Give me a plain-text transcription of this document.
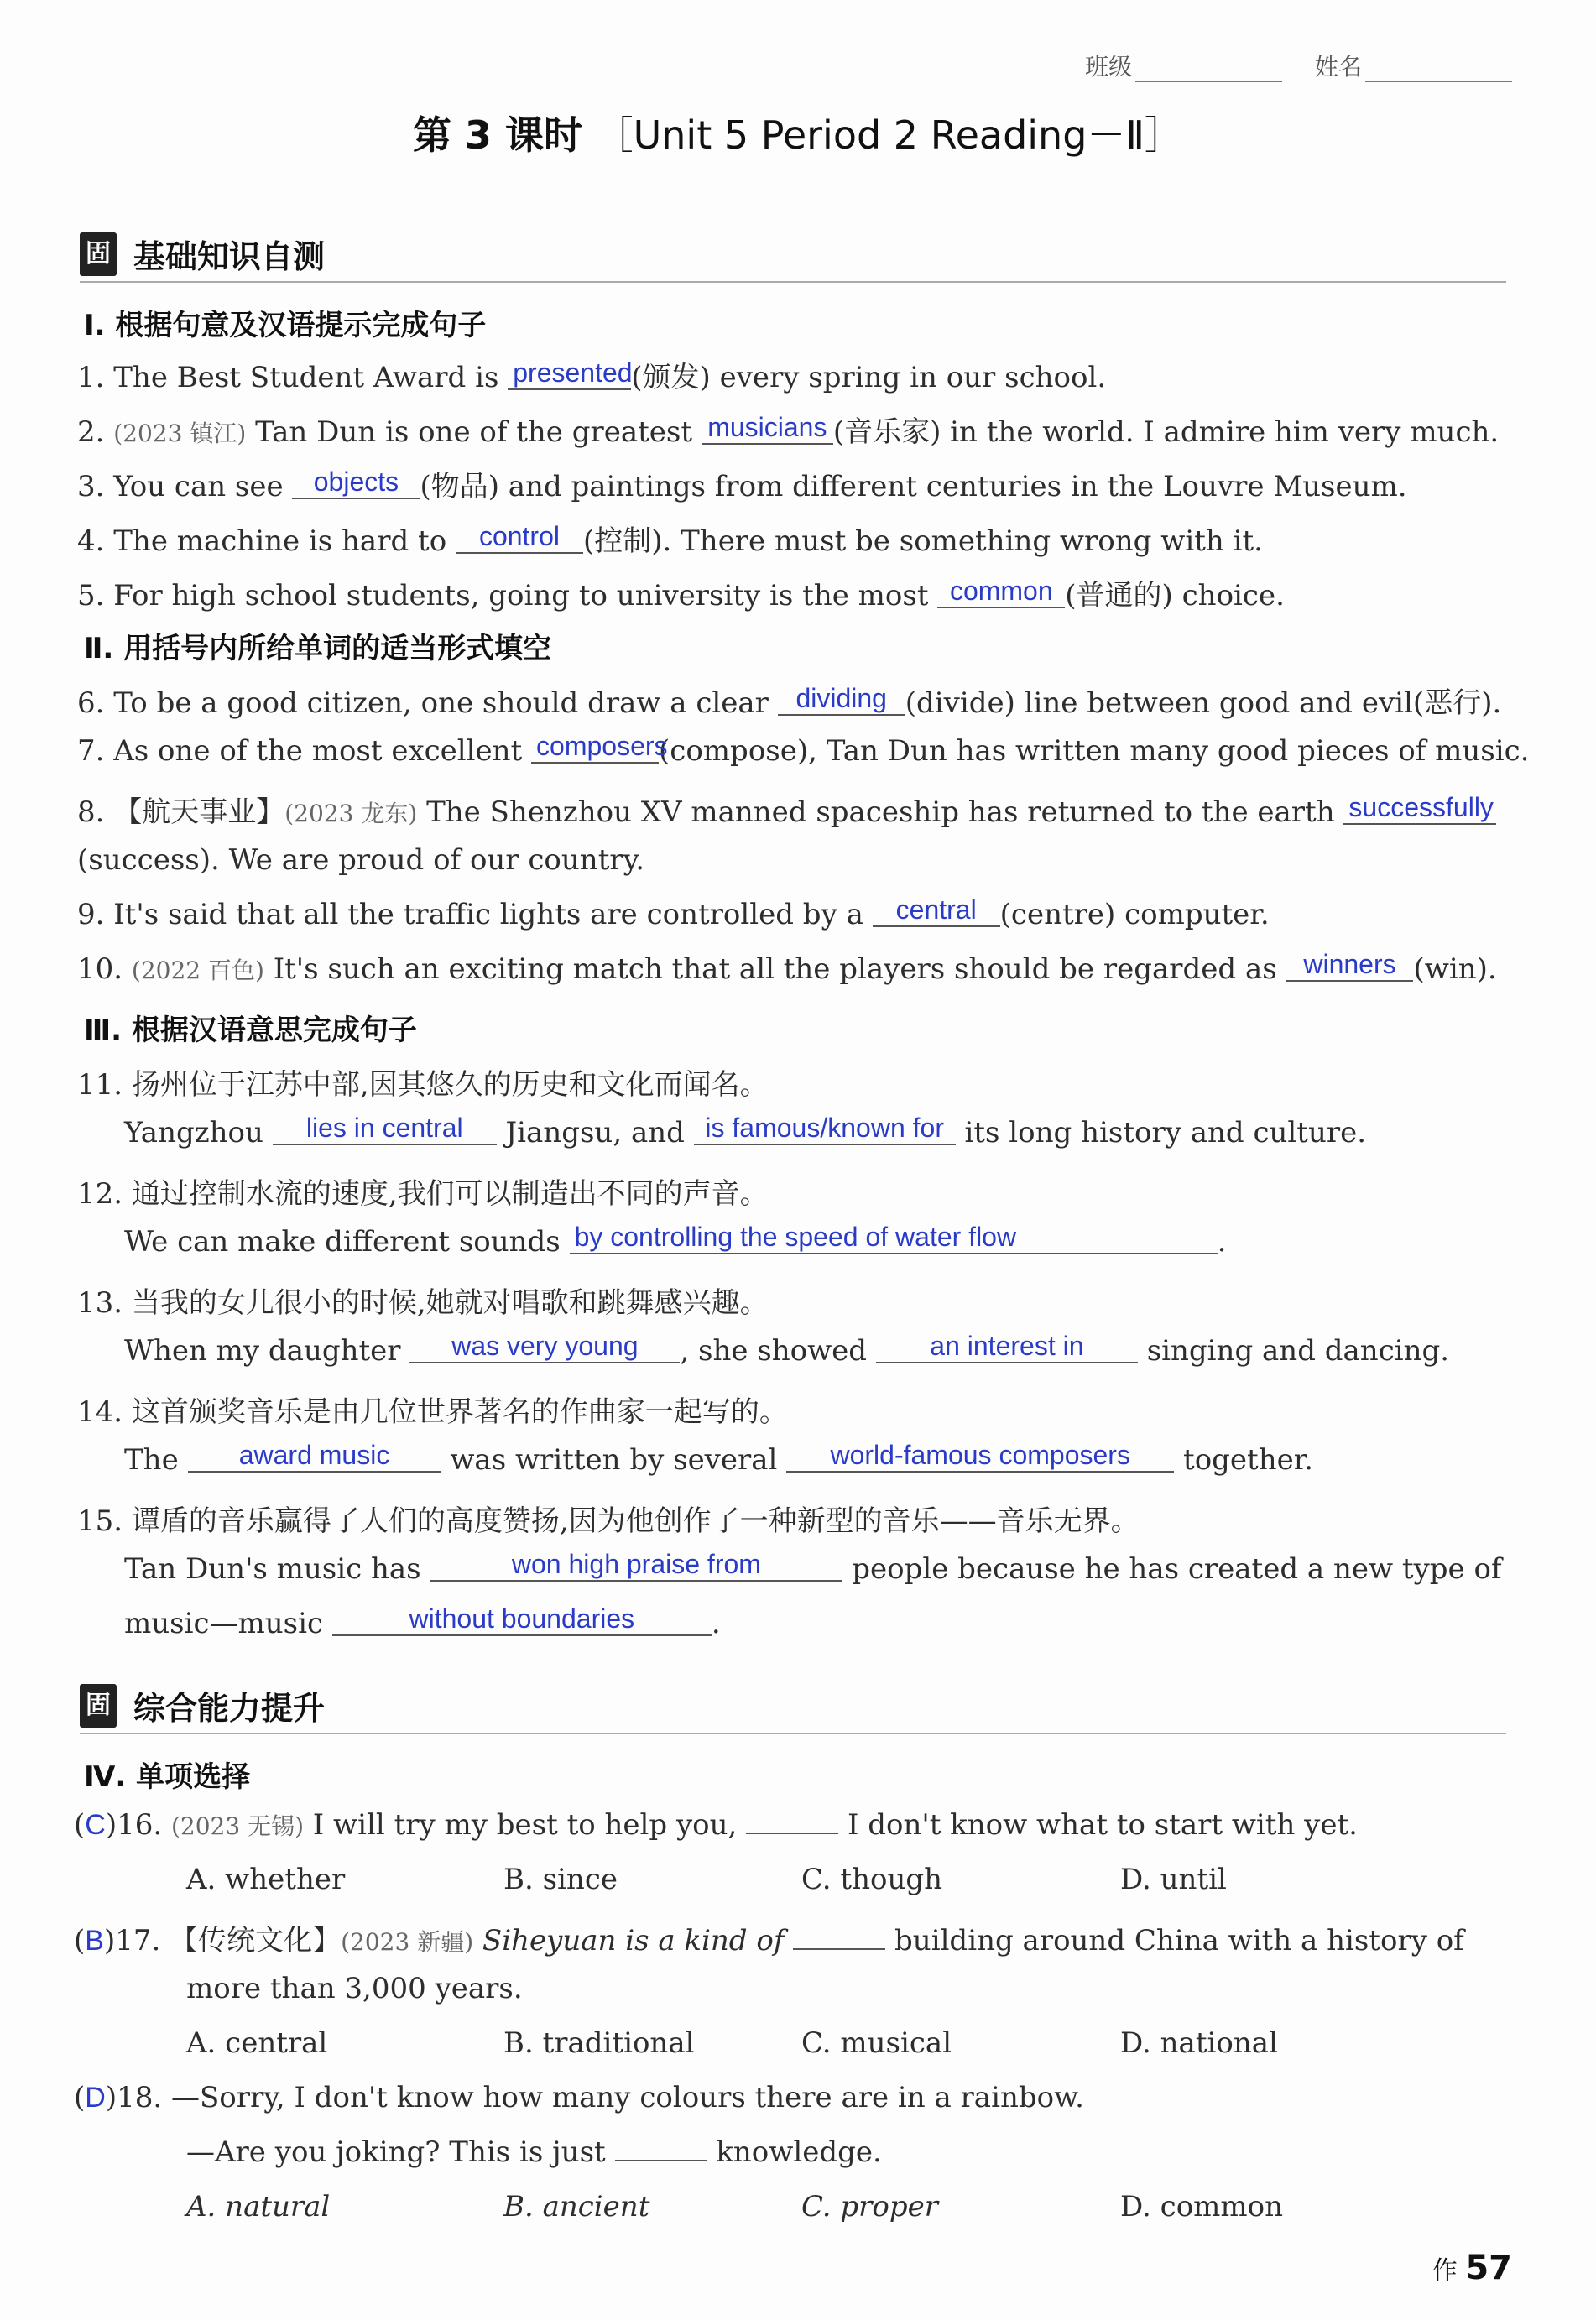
班级	姓名
第 3 课时 ［Unit 5 Period 2 Reading－Ⅱ］
固 基础知识自测
Ⅰ. 根据句意及汉语提示完成句子
1. The Best Student Award is presented(颁发) every spring in our school.
2. (2023 镇江) Tan Dun is one of the greatest musicians (音乐家) in the world. I admire him very much.
3. You can see objects (物品) and paintings from different centuries in the Louvre Museum.
4. The machine is hard to control (控制). There must be something wrong with it.
5. For high school students, going to university is the most common (普通的) choice.
Ⅱ. 用括号内所给单词的适当形式填空
6. To be a good citizen, one should draw a clear dividing (divide) line between good and evil(恶行).
7. As one of the most excellent composers(compose), Tan Dun has written many good pieces of music.
8. 【航天事业】(2023 龙东) The Shenzhou ⅩⅤ manned spaceship has returned to the earth successfully
(success). We are proud of our country.
9. It's said that all the traffic lights are controlled by a central (centre) computer.
10. (2022 百色) It's such an exciting match that all the players should be regarded as winners (win).
Ⅲ. 根据汉语意思完成句子
11. 扬州位于江苏中部,因其悠久的历史和文化而闻名。
Yangzhou lies in central Jiangsu, and is famous/known for its long history and culture.
12. 通过控制水流的速度,我们可以制造出不同的声音。
We can make different sounds by controlling the speed of water flow	.
13. 当我的女儿很小的时候,她就对唱歌和跳舞感兴趣。
When my daughter was very young , she showed an interest in singing and dancing.
14. 这首颁奖音乐是由几位世界著名的作曲家一起写的。
The award music was written by several world-famous composers together.
15. 谭盾的音乐赢得了人们的高度赞扬,因为他创作了一种新型的音乐——音乐无界。
Tan Dun's music has	won high praise from	people because he has created a new type of
music—music	without boundaries	.
固 综合能力提升
Ⅳ. 单项选择
(C)16. (2023 无锡) I will try my best to help you,	I don't know what to start with yet.
A. whether	B. since	C. though	D. until
(B)17. 【传统文化】(2023 新疆) Siheyuan is a kind of	building around China with a history of
more than 3,000 years.
A. central	B. traditional	C. musical	D. national
(D)18. —Sorry, I don't know how many colours there are in a rainbow.
—Are you joking? This is just	knowledge.
A. natural	B. ancient	C. proper	D. common
作 57
